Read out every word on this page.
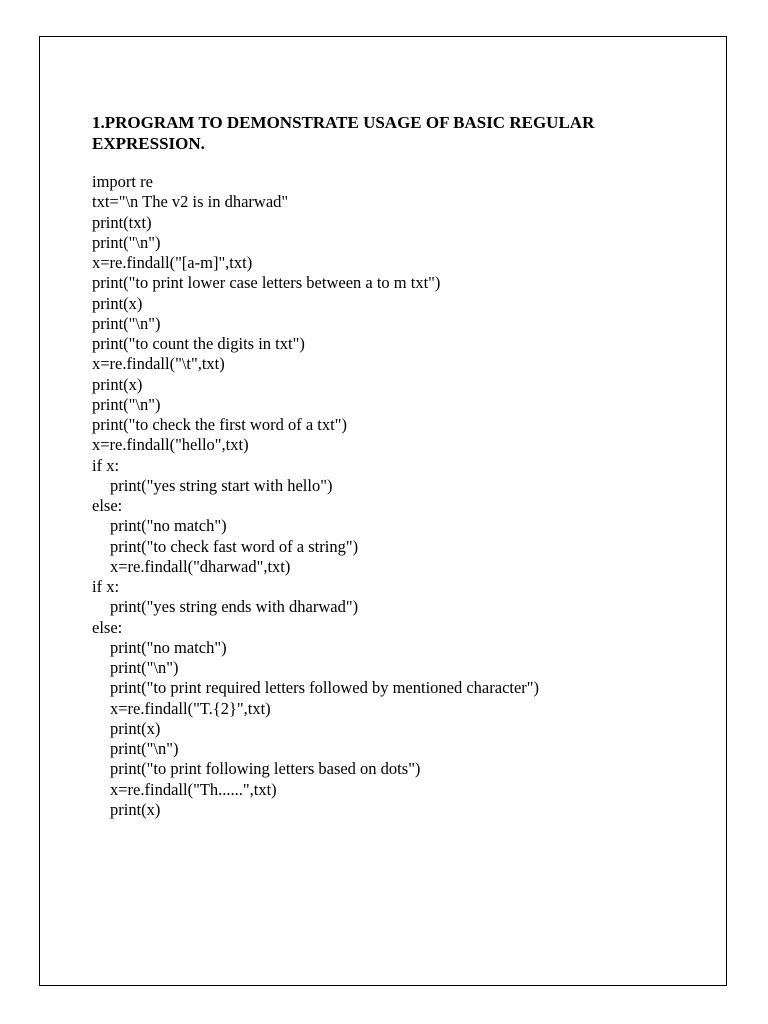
1.PROGRAM TO DEMONSTRATE USAGE OF BASIC REGULAR EXPRESSION.
import re
txt="\n The v2 is in dharwad"
print(txt)
print("\n")
x=re.findall("[a-m]",txt)
print("to print lower case letters between a to m txt")
print(x)
print("\n")
print("to count the digits in txt")
x=re.findall("\t",txt)
print(x)
print("\n")
print("to check the first word of a txt")
x=re.findall("hello",txt)
if x:
print("yes string start with hello")
else:
print("no match")
print("to check fast word of a string")
x=re.findall("dharwad",txt)
if x:
print("yes string ends with dharwad")
else:
print("no match")
print("\n")
print("to print required letters followed by mentioned character")
x=re.findall("T.{2}",txt)
print(x)
print("\n")
print("to print following letters based on dots")
x=re.findall("Th......",txt)
print(x)
